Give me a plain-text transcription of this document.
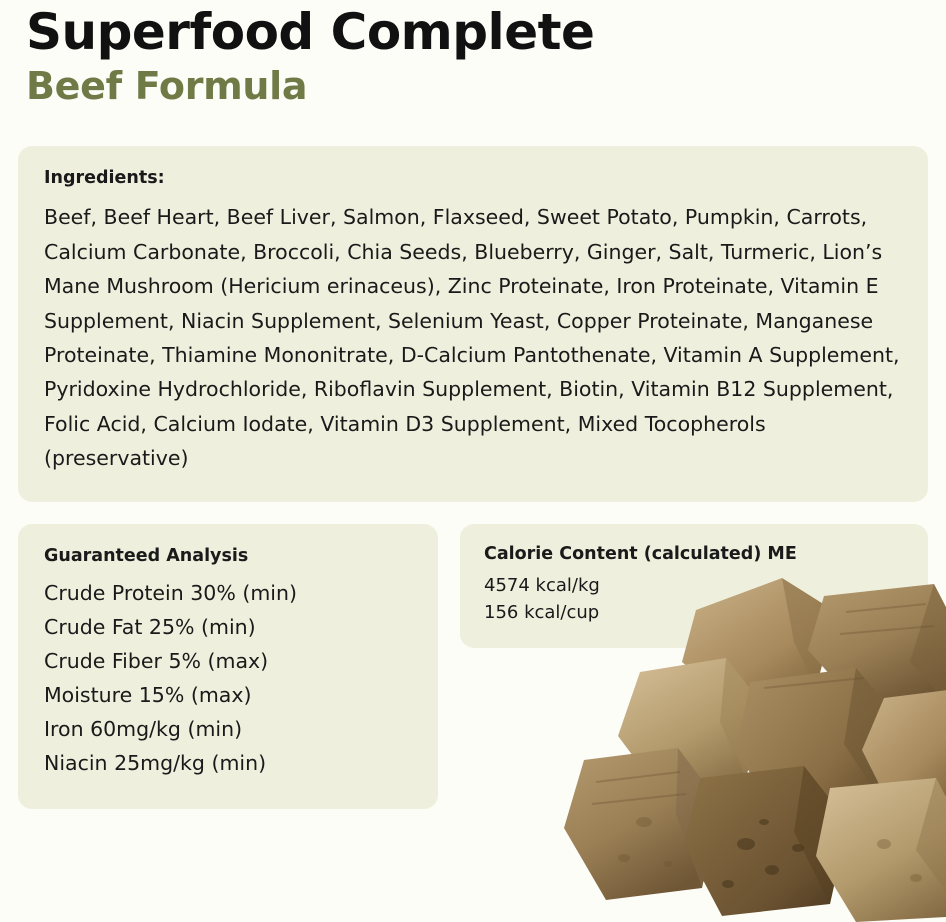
Superfood Complete
Beef Formula
Ingredients:
Beef, Beef Heart, Beef Liver, Salmon, Flaxseed, Sweet Potato, Pumpkin, Carrots, Calcium Carbonate, Broccoli, Chia Seeds, Blueberry, Ginger, Salt, Turmeric, Lion’s Mane Mushroom (Hericium erinaceus), Zinc Proteinate, Iron Proteinate, Vitamin E Supplement, Niacin Supplement, Selenium Yeast, Copper Proteinate, Manganese Proteinate, Thiamine Mononitrate, D-Calcium Pantothenate, Vitamin A Supplement, Pyridoxine Hydrochloride, Riboflavin Supplement, Biotin, Vitamin B12 Supplement, Folic Acid, Calcium Iodate, Vitamin D3 Supplement, Mixed Tocopherols (preservative)
Guaranteed Analysis
Crude Protein 30% (min)
Crude Fat 25% (min)
Crude Fiber 5% (max)
Moisture 15% (max)
Iron 60mg/kg (min)
Niacin 25mg/kg (min)
Calorie Content (calculated) ME
4574 kcal/kg
156 kcal/cup
